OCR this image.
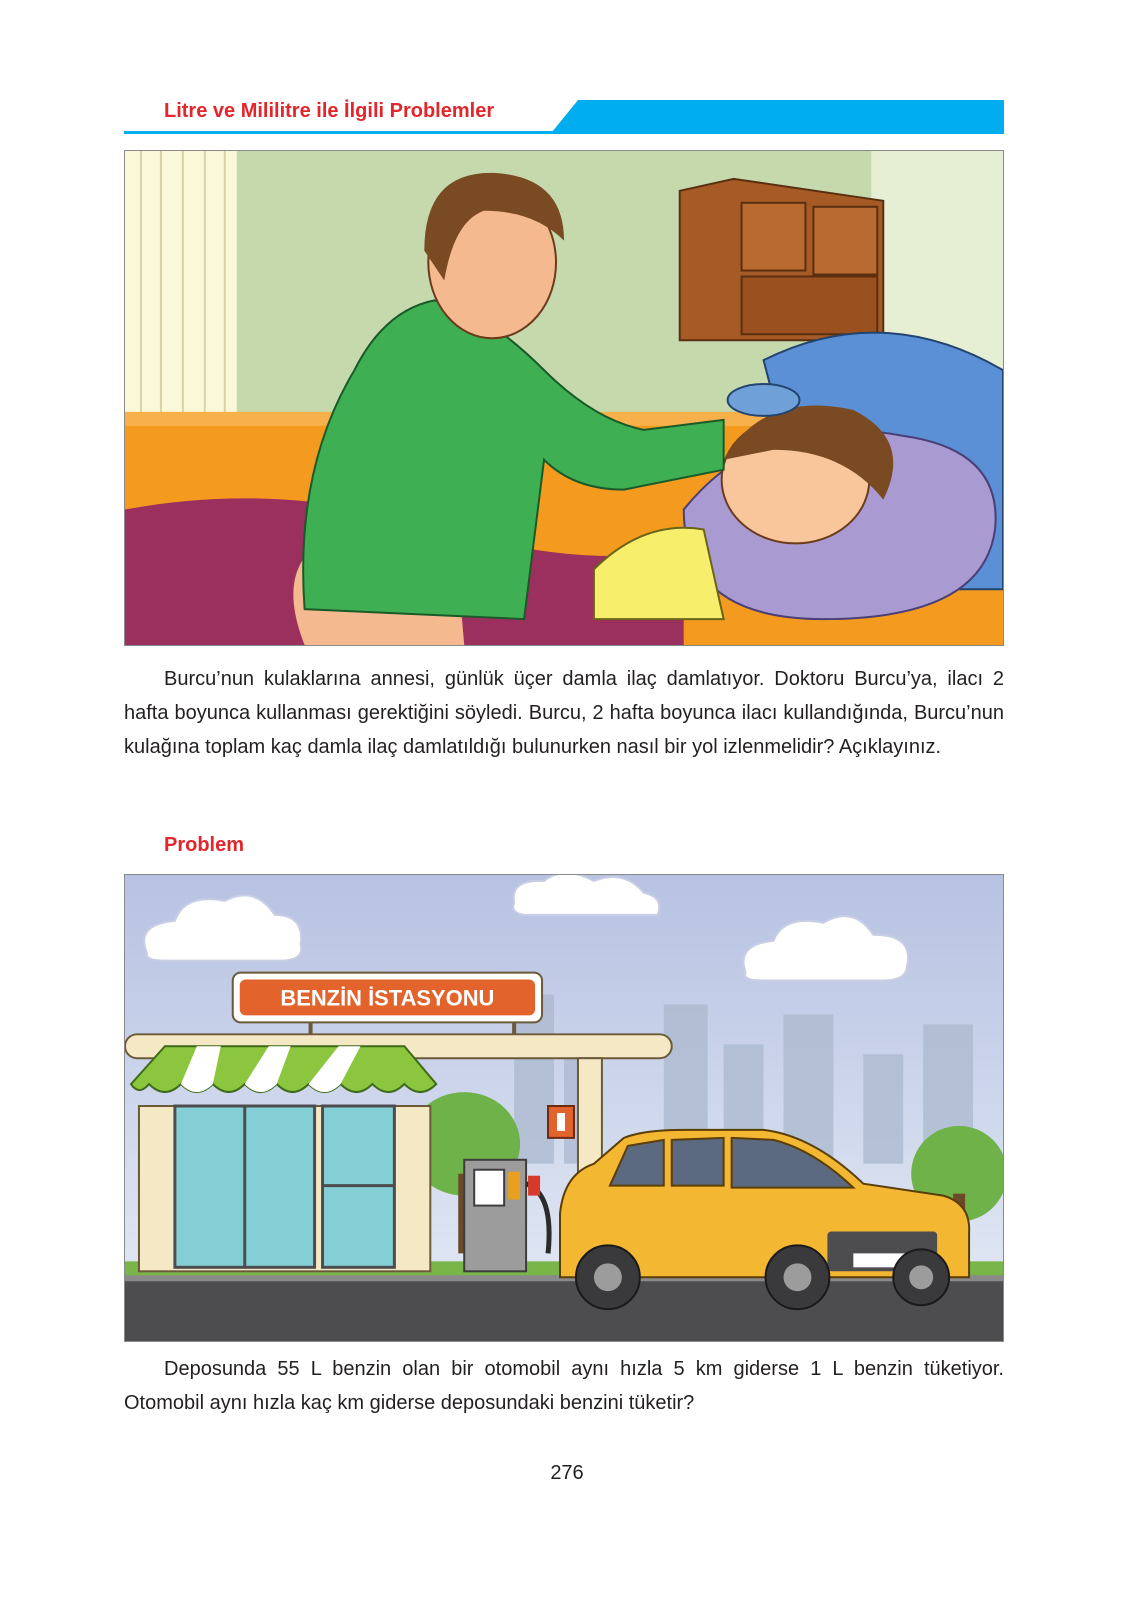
Litre ve Mililitre ile İlgili Problemler

Burcu’nun kulaklarına annesi, günlük üçer damla ilaç damlatıyor. Doktoru Burcu’ya, ilacı 2 hafta boyunca kullanması gerektiğini söyledi. Burcu, 2 hafta boyunca ilacı kullandığında, Burcu’nun kulağına toplam kaç damla ilaç damlatıldığı bulunurken nasıl bir yol izlenmelidir? Açıklayınız.

Problem
BENZİN İSTASYONU

Deposunda 55 L benzin olan bir otomobil aynı hızla 5 km giderse 1 L benzin tüketiyor. Otomobil aynı hızla kaç km giderse deposundaki benzini tüketir?

276
